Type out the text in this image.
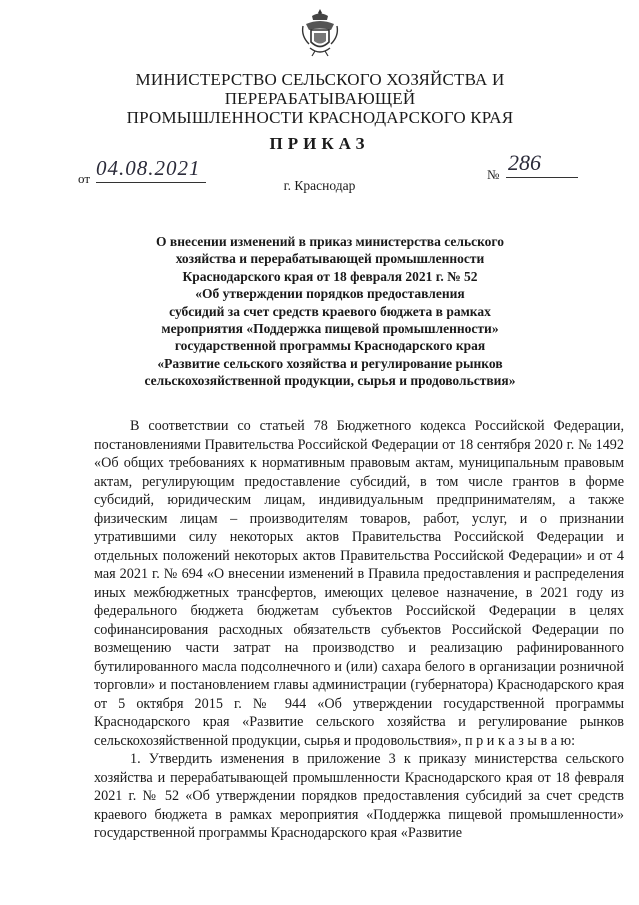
МИНИСТЕРСТВО СЕЛЬСКОГО ХОЗЯЙСТВА И ПЕРЕРАБАТЫВАЮЩЕЙ
ПРОМЫШЛЕННОСТИ КРАСНОДАРСКОГО КРАЯ
ПРИКАЗ
от 04.08.2021	№ 286
г. Краснодар
О внесении изменений в приказ министерства сельского
хозяйства и перерабатывающей промышленности
Краснодарского края от 18 февраля 2021 г. № 52
«Об утверждении порядков предоставления
субсидий за счет средств краевого бюджета в рамках
мероприятия «Поддержка пищевой промышленности»
государственной программы Краснодарского края
«Развитие сельского хозяйства и регулирование рынков
сельскохозяйственной продукции, сырья и продовольствия»

В соответствии со статьей 78 Бюджетного кодекса Российской Федерации, постановлениями Правительства Российской Федерации от 18 сентября 2020 г. № 1492 «Об общих требованиях к нормативным правовым актам, муниципальным правовым актам, регулирующим предоставление субсидий, в том числе грантов в форме субсидий, юридическим лицам, индивидуальным предпринимателям, а также физическим лицам – производителям товаров, работ, услуг, и о признании утратившими силу некоторых актов Правительства Российской Федерации и отдельных положений некоторых актов Правительства Российской Федерации» и от 4 мая 2021 г. № 694 «О внесении изменений в Правила предоставления и распределения иных межбюджетных трансфертов, имеющих целевое назначение, в 2021 году из федерального бюджета бюджетам субъектов Российской Федерации в целях софинансирования расходных обязательств субъектов Российской Федерации по возмещению части затрат на производство и реализацию рафинированного бутилированного масла подсолнечного и (или) сахара белого в организации розничной торговли» и постановлением главы администрации (губернатора) Краснодарского края от 5 октября 2015 г. № 944 «Об утверждении государственной программы Краснодарского края «Развитие сельского хозяйства и регулирование рынков сельскохозяйственной продукции, сырья и продовольствия», п р и к а з ы в а ю:

1. Утвердить изменения в приложение 3 к приказу министерства сельского хозяйства и перерабатывающей промышленности Краснодарского края от 18 февраля 2021 г. № 52 «Об утверждении порядков предоставления субсидий за счет средств краевого бюджета в рамках мероприятия «Поддержка пищевой промышленности» государственной программы Краснодарского края «Развитие
